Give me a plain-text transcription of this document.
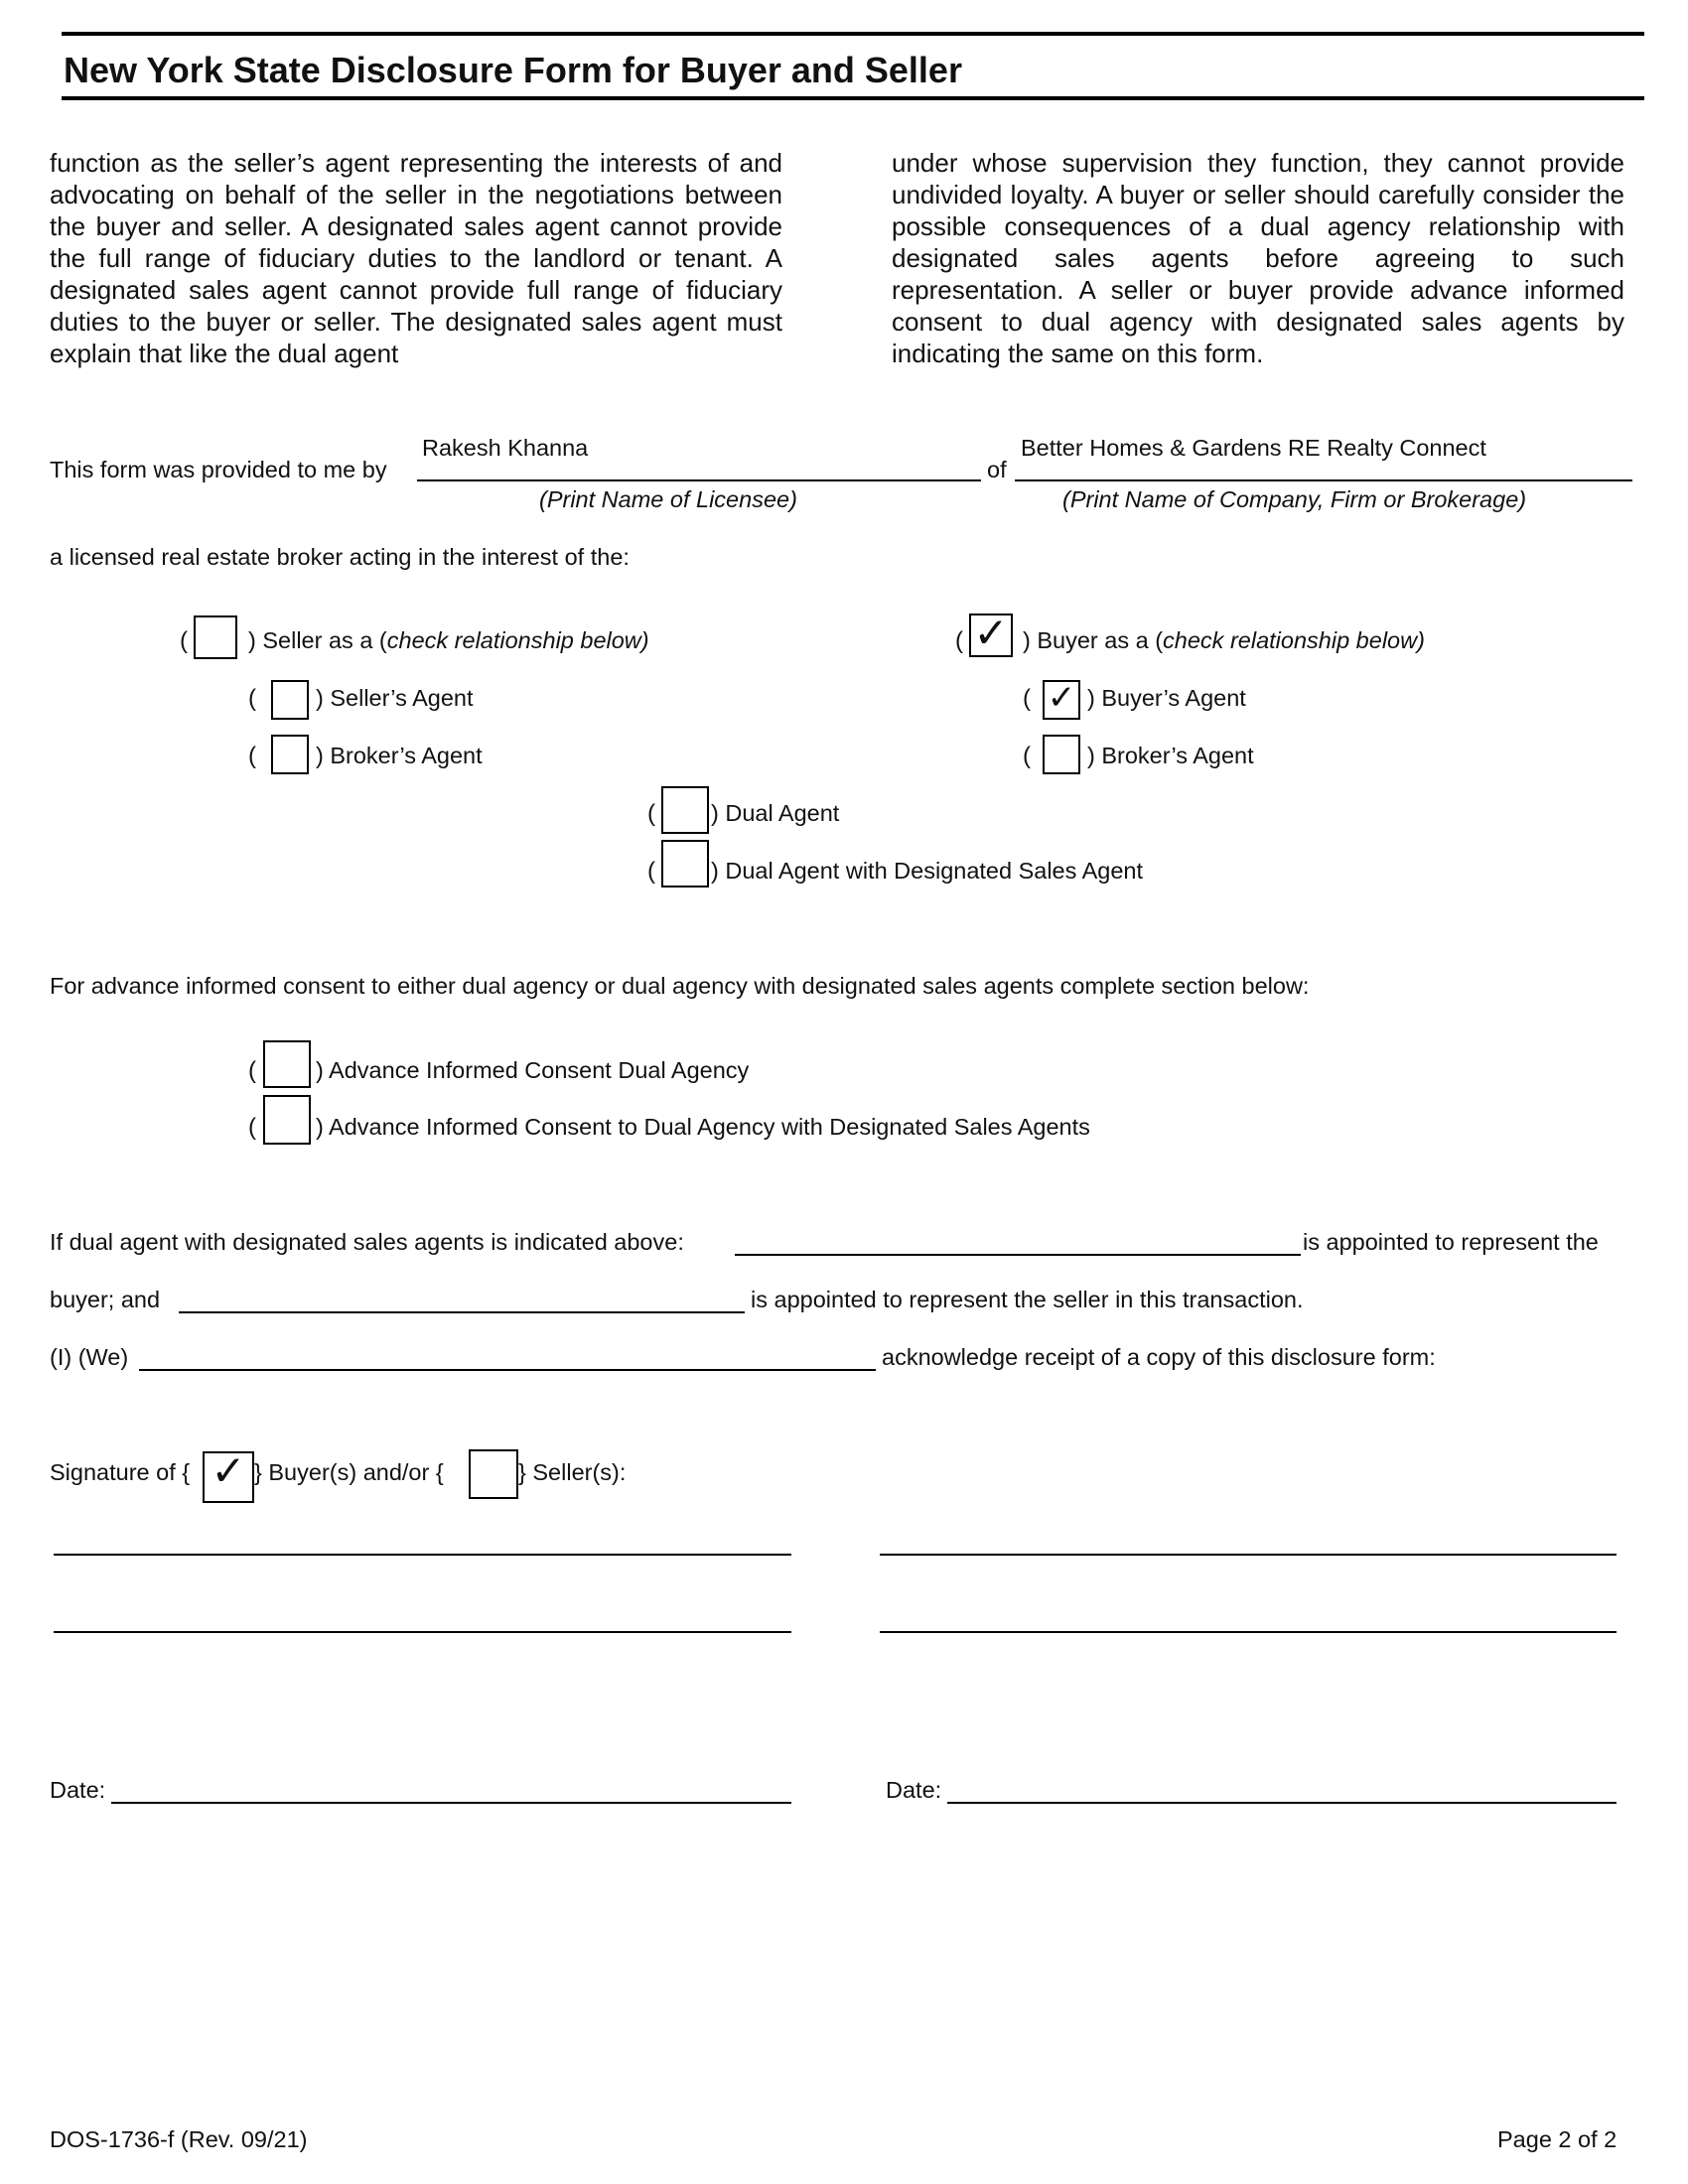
New York State Disclosure Form for Buyer and Seller

function as the seller’s agent representing the interests of and advocating on behalf of the seller in the negotiations between the buyer and seller. A designated sales agent cannot provide the full range of fiduciary duties to the landlord or tenant. A designated sales agent cannot provide full range of fiduciary duties to the buyer or seller. The designated sales agent must explain that like the dual agent

under whose supervision they function, they cannot provide undivided loyalty. A buyer or seller should carefully consider the possible consequences of a dual agency relationship with designated sales agents before agreeing to such representation. A seller or buyer provide advance informed consent to dual agency with designated sales agents by indicating the same on this form.

This form was provided to me by
Rakesh Khanna
(Print Name of Licensee)
of
Better Homes & Gardens RE Realty Connect
(Print Name of Company, Firm or Brokerage)
a licensed real estate broker acting in the interest of the:
(	) Seller as a (check relationship below)
(	) Seller’s Agent
(	) Broker’s Agent
( ✓ ) Buyer as a (check relationship below)
( ✓ ) Buyer’s Agent
( ) Broker’s Agent
( ) Dual Agent
( ) Dual Agent with Designated Sales Agent
For advance informed consent to either dual agency or dual agency with designated sales agents complete section below:
(	) Advance Informed Consent Dual Agency
(	) Advance Informed Consent to Dual Agency with Designated Sales Agents
If dual agent with designated sales agents is indicated above:	is appointed to represent the
buyer; and	is appointed to represent the seller in this transaction.
(I) (We)	acknowledge receipt of a copy of this disclosure form:
Signature of { ✓ } Buyer(s) and/or {	} Seller(s):
Date:	Date:
DOS-1736-f (Rev. 09/21)	Page 2 of 2
